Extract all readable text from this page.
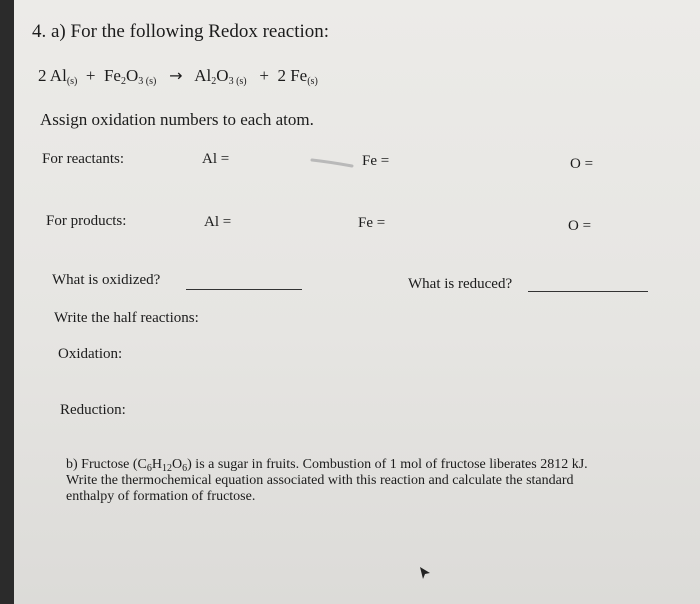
4. a) For the following Redox reaction:
2 $Al_{(s)} + Fe_2O_3$ $_{(s)} \to Al_2O_3$ $_{(s)}$ + 2 $Fe_{(s)}$
Assign oxidation numbers to each atom.
For reactants:	Al =	Fe =	O =
For products:	Al =	Fe =	O =
What is oxidized?	What is reduced?
Write the half reactions:
Oxidation:
Reduction:
b) Fructose $(C_6H_{12}O_6)$ is a sugar in fruits. Combustion of 1 mol of fructose liberates 2812 kJ.
Write the thermochemical equation associated with this reaction and calculate the standard
enthalpy of formation of fructose.
